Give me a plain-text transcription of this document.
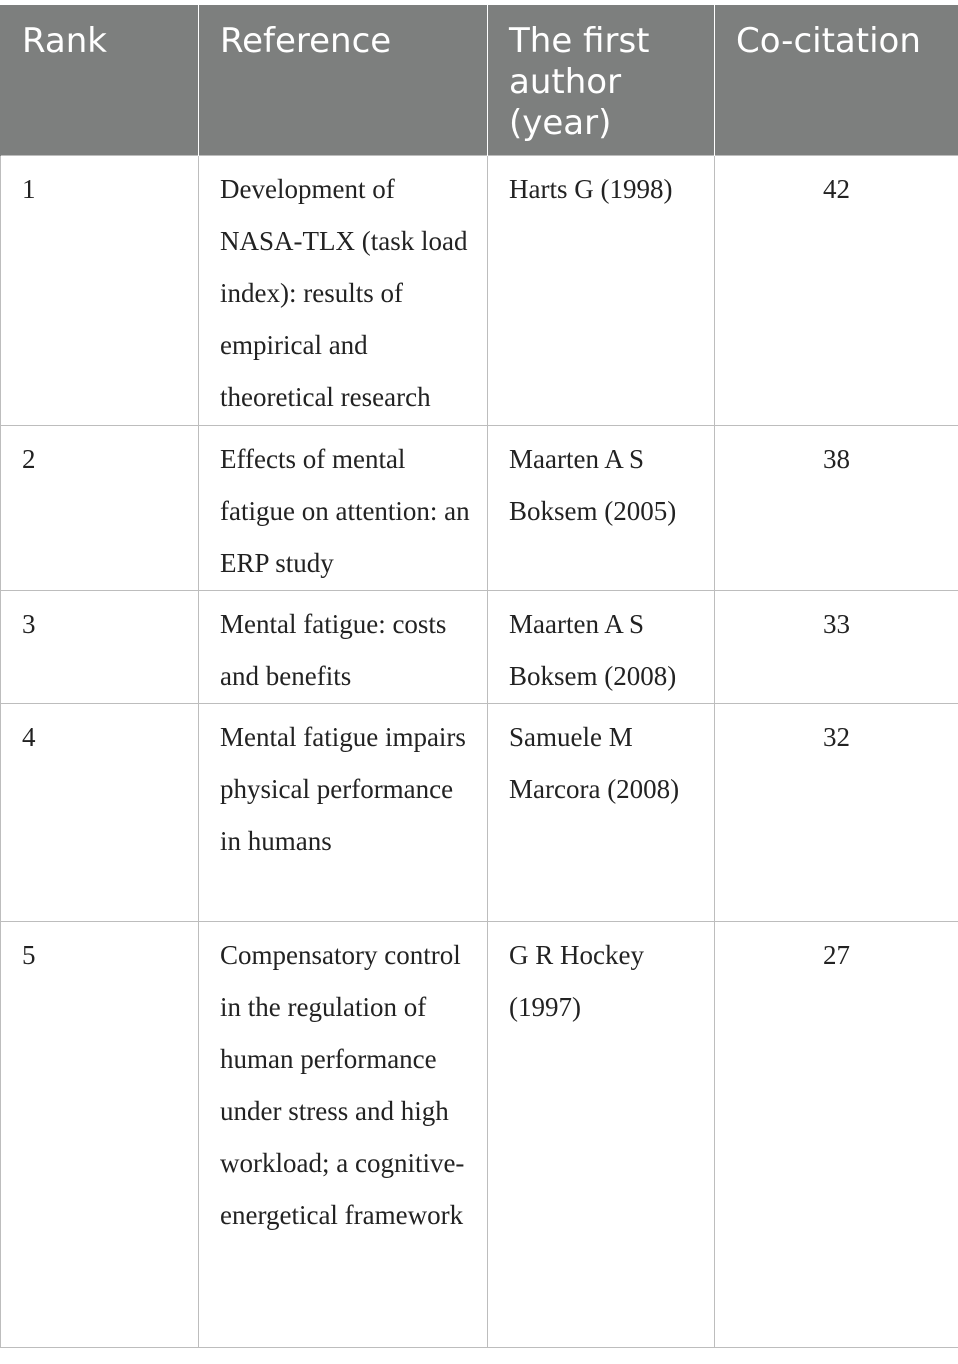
Rank	Reference	The first author (year)	Co-citation
1	Development of NASA-TLX (task load index): results of empirical and theoretical research	Harts G (1998)	42
2	Effects of mental fatigue on attention: an ERP study	Maarten A S Boksem (2005)	38
3	Mental fatigue: costs and benefits	Maarten A S Boksem (2008)	33
4	Mental fatigue impairs physical performance in humans	Samuele M Marcora (2008)	32
5	Compensatory control in the regulation of human performance under stress and high workload; a cognitive-energetical framework	G R Hockey (1997)	27
